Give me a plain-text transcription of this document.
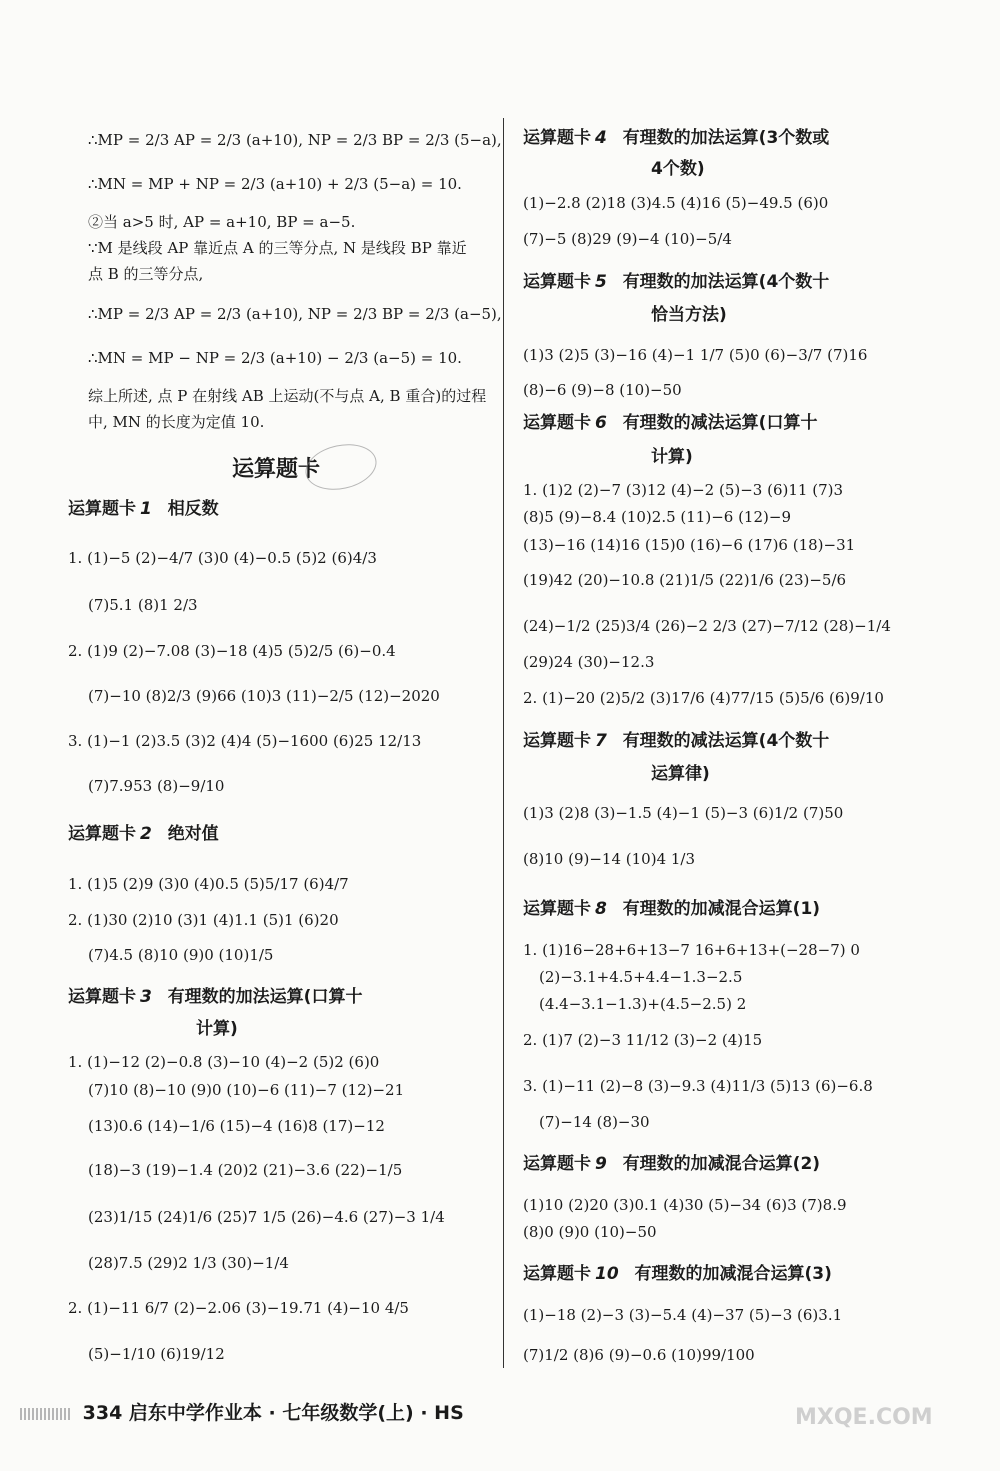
∴MP = 2/3 AP = 2/3 (a+10), NP = 2/3 BP = 2/3 (5−a),
∴MN = MP + NP = 2/3 (a+10) + 2/3 (5−a) = 10.
②当 a>5 时, AP = a+10, BP = a−5.
∵M 是线段 AP 靠近点 A 的三等分点, N 是线段 BP 靠近
点 B 的三等分点,
∴MP = 2/3 AP = 2/3 (a+10), NP = 2/3 BP = 2/3 (a−5),
∴MN = MP − NP = 2/3 (a+10) − 2/3 (a−5) = 10.
综上所述, 点 P 在射线 AB 上运动(不与点 A, B 重合)的过程
中, MN 的长度为定值 10.
运算题卡
运算题卡 1 相反数
1. (1)−5 (2)−4/7 (3)0 (4)−0.5 (5)2 (6)4/3
(7)5.1 (8)1 2/3
2. (1)9 (2)−7.08 (3)−18 (4)5 (5)2/5 (6)−0.4
(7)−10 (8)2/3 (9)66 (10)3 (11)−2/5 (12)−2020
3. (1)−1 (2)3.5 (3)2 (4)4 (5)−1600 (6)25 12/13
(7)7.953 (8)−9/10
运算题卡 2 绝对值
1. (1)5 (2)9 (3)0 (4)0.5 (5)5/17 (6)4/7
2. (1)30 (2)10 (3)1 (4)1.1 (5)1 (6)20
(7)4.5 (8)10 (9)0 (10)1/5
运算题卡 3 有理数的加法运算(口算十
计算)
1. (1)−12 (2)−0.8 (3)−10 (4)−2 (5)2 (6)0
(7)10 (8)−10 (9)0 (10)−6 (11)−7 (12)−21
(13)0.6 (14)−1/6 (15)−4 (16)8 (17)−12
(18)−3 (19)−1.4 (20)2 (21)−3.6 (22)−1/5
(23)1/15 (24)1/6 (25)7 1/5 (26)−4.6 (27)−3 1/4
(28)7.5 (29)2 1/3 (30)−1/4
2. (1)−11 6/7 (2)−2.06 (3)−19.71 (4)−10 4/5
(5)−1/10 (6)19/12
运算题卡 4 有理数的加法运算(3个数或
4个数)
(1)−2.8 (2)18 (3)4.5 (4)16 (5)−49.5 (6)0
(7)−5 (8)29 (9)−4 (10)−5/4
运算题卡 5 有理数的加法运算(4个数十
恰当方法)
(1)3 (2)5 (3)−16 (4)−1 1/7 (5)0 (6)−3/7 (7)16
(8)−6 (9)−8 (10)−50
运算题卡 6 有理数的减法运算(口算十
计算)
1. (1)2 (2)−7 (3)12 (4)−2 (5)−3 (6)11 (7)3
(8)5 (9)−8.4 (10)2.5 (11)−6 (12)−9
(13)−16 (14)16 (15)0 (16)−6 (17)6 (18)−31
(19)42 (20)−10.8 (21)1/5 (22)1/6 (23)−5/6
(24)−1/2 (25)3/4 (26)−2 2/3 (27)−7/12 (28)−1/4
(29)24 (30)−12.3
2. (1)−20 (2)5/2 (3)17/6 (4)77/15 (5)5/6 (6)9/10
运算题卡 7 有理数的减法运算(4个数十
运算律)
(1)3 (2)8 (3)−1.5 (4)−1 (5)−3 (6)1/2 (7)50
(8)10 (9)−14 (10)4 1/3
运算题卡 8 有理数的加减混合运算(1)
1. (1)16−28+6+13−7 16+6+13+(−28−7) 0
(2)−3.1+4.5+4.4−1.3−2.5
(4.4−3.1−1.3)+(4.5−2.5) 2
2. (1)7 (2)−3 11/12 (3)−2 (4)15
3. (1)−11 (2)−8 (3)−9.3 (4)11/3 (5)13 (6)−6.8
(7)−14 (8)−30
运算题卡 9 有理数的加减混合运算(2)
(1)10 (2)20 (3)0.1 (4)30 (5)−34 (6)3 (7)8.9
(8)0 (9)0 (10)−50
运算题卡 10 有理数的加减混合运算(3)
(1)−18 (2)−3 (3)−5.4 (4)−37 (5)−3 (6)3.1
(7)1/2 (8)6 (9)−0.6 (10)99/100
334 启东中学作业本 · 七年级数学(上) · HS	MXQE.COM
